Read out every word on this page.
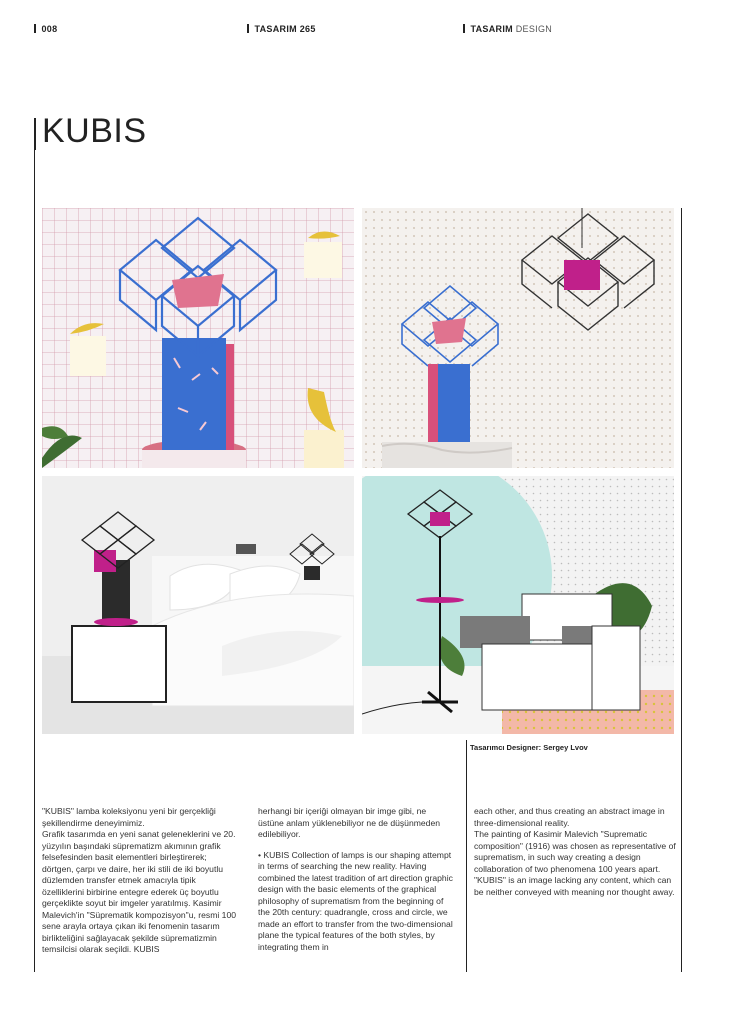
008	TASARIM 265	TASARIM DESIGN
KUBIS
Tasarımcı Designer: Sergey Lvov

"KUBIS" lamba koleksiyonu yeni bir gerçekliği şekillendirme deneyimimiz.

Grafik tasarımda en yeni sanat geleneklerini ve 20. yüzyılın başındaki süprematizm akımının grafik felsefesinden basit elementleri birleştirerek; dörtgen, çarpı ve daire, her iki stili de iki boyutlu düzlemden transfer etmek amacıyla tipik özelliklerini birbirine entegre ederek üç boyutlu gerçeklikte soyut bir imgeler yaratılmış. Kasimir Malevich'in "Süprematik kompozisyon"u, resmi 100 sene arayla ortaya çıkan iki fenomenin tasarım birlikteliğini sağlayacak şekilde süprematizmin temsilcisi olarak seçildi. KUBIS

herhangi bir içeriği olmayan bir imge gibi, ne üstüne anlam yüklenebiliyor ne de düşünmeden edilebiliyor.

• KUBIS Collection of lamps is our shaping attempt in terms of searching the new reality. Having combined the latest tradition of art direction graphic design with the basic elements of the graphical philosophy of suprematism from the beginning of the 20th century: quadrangle, cross and circle, we made an effort to transfer from the two-dimensional plane the typical features of the both styles, by integrating them in

each other, and thus creating an abstract image in three-dimensional reality.

The painting of Kasimir Malevich "Suprematic composition" (1916) was chosen as representative of suprematism, in such way creating a design collaboration of two phenomena 100 years apart.

"KUBIS" is an image lacking any content, which can be neither conveyed with meaning nor thought away.
